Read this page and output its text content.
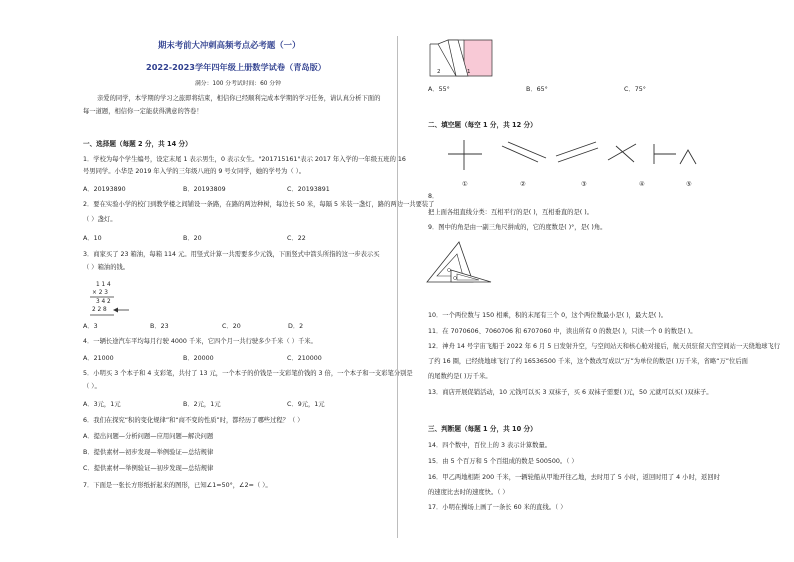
期末考前大冲刺高频考点必考题（一）
2022-2023学年四年级上册数学试卷（青岛版）
满分：100 分考试时间：60 分钟
亲爱的同学，本学期的学习之旅即将结束，相信你已经顺利完成本学期的学习任务，请认真分析下面的
每一道题，相信你一定能获得满意的答卷！
一、选择题（每题 2 分，共 14 分）
1．学校为每个学生编号，设定末尾 1 表示男生，0 表示女生。"201715161"表示 2017 年入学的一年级五班的 16
号男同学。小华是 2019 年入学的三年级八班的 9 号女同学，她的学号为（ ）。
A．20193890	B．20193809	C．20193891
2．要在实验小学的校门到教学楼之间铺设一条路，在路的两边种树，每边长 50 米，每隔 5 米装一盏灯，路的两边一共要装了
（ ）盏灯。
A．10	B．20	C．22
3．商家买了 23 箱油，每箱 114 元。用竖式计算一共需要多少元钱，下面竖式中箭头所指的这一步表示买
（ ）箱油的钱。
1 1 4
× 2 3
3 4 2
2 2 8
A．3	B．23	C．20	D．2
4．一辆长途汽车平均每月行驶 4000 千米，它四个月一共行驶多少千米（ ）千米。
A．21000	B．20000	C．210000
5．小明买 3 个本子和 4 支彩笔，共付了 13 元，一个本子的价钱是一支彩笔价钱的 3 倍，一个本子和一支彩笔分别是
（ ）。
A．3元，1元	B．2元，1元	C．9元，1元
6．我们在探究“积的变化规律”和“商不变的性质”时，都经历了哪些过程？（ ）
A．提出问题—分析问题—应用问题—解决问题
B．提供素材—初步发现—举例验证—总结规律
C．提供素材—举例验证—初步发现—总结规律
7．下面是一张长方形纸折起来的图形，已知∠1=50°，∠2=（ ）。
2	1
A．55°	B．65°	C．75°
二、填空题（每空 1 分，共 12 分）
①	②	③	④	⑤
8．
把上面各组直线分类：互相平行的是( )，互相垂直的是( )。
9．图中的角是由一副三角尺拼成的，它的度数是( )°，是( )角。
10．一个两位数与 150 相乘，积的末尾有三个 0，这个两位数最小是( )，最大是( )。
11．在 7070606、7060706 和 6707060 中，读出所有 0 的数是( )，只读一个 0 的数是( )。
12．神舟 14 号宇宙飞船于 2022 年 6 月 5 日发射升空，与空间站天和核心舱对接后，航天员驻留天宫空间站一天绕地球飞行
了约 16 圈，已经绕地球飞行了约 16536500 千米，这个数改写成以“万”为单位的数是( )万千米，省略“万”位后面
的尾数约是( )万千米。
13．商店开展促销活动，10 元钱可以买 3 双袜子，买 6 双袜子需要( )元，50 元就可以买( )双袜子。
三、判断题（每题 1 分，共 10 分）
14．四个数中，百位上的 3 表示计算数量。
15．由 5 个百万和 5 个百组成的数是 500500。（ ）
16．甲乙两地相距 200 千米，一辆轮船从甲地开往乙地，去时用了 5 小时，返回时用了 4 小时，返回时
的速度比去时的速度快。（ ）
17．小明在操场上画了一条长 60 米的直线。（ ）
